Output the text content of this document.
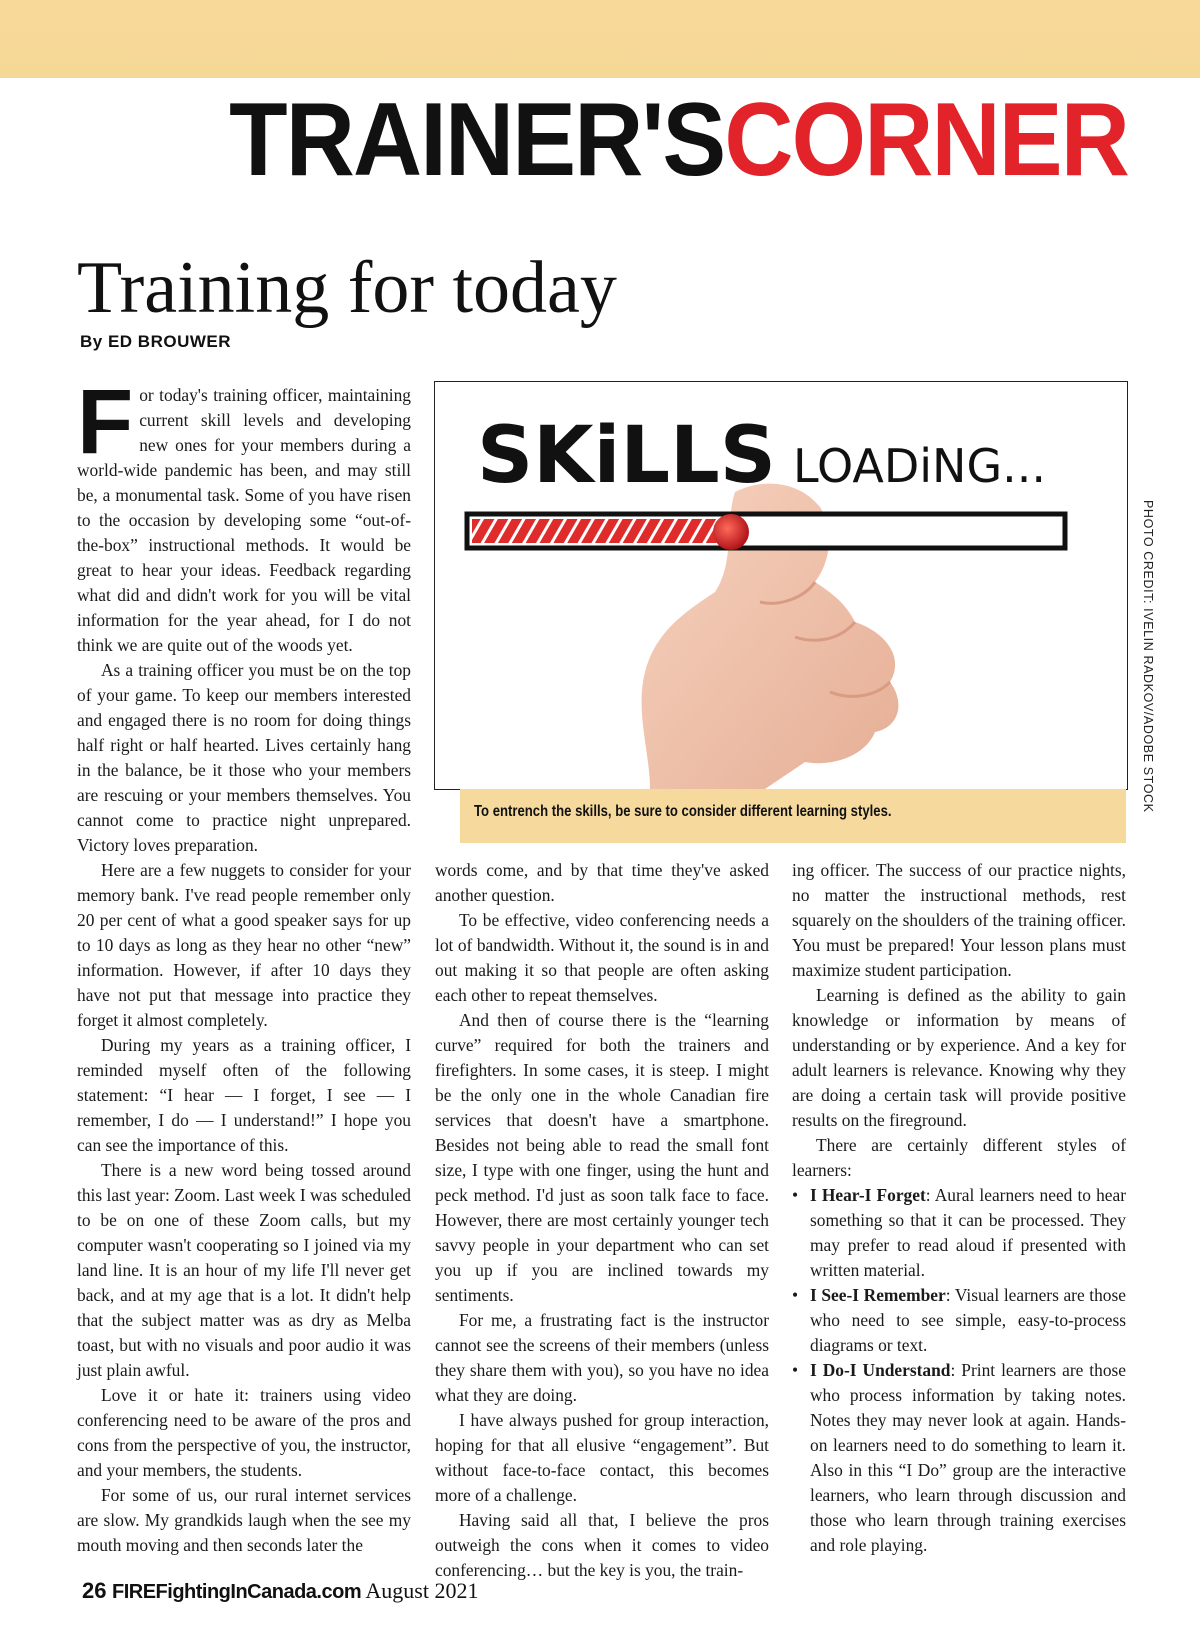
TRAINER'SCORNER
Training for today
By ED BROUWER

For today's training officer, maintaining current skill levels and developing new ones for your members during a world-wide pandemic has been, and may still be, a monumental task. Some of you have risen to the occasion by developing some “out-of-the-box” instructional methods. It would be great to hear your ideas. Feedback regarding what did and didn't work for you will be vital information for the year ahead, for I do not think we are quite out of the woods yet.

As a training officer you must be on the top of your game. To keep our members interested and engaged there is no room for doing things half right or half hearted. Lives certainly hang in the balance, be it those who your members are rescuing or your members themselves. You cannot come to practice night unprepared. Victory loves preparation.

Here are a few nuggets to consider for your memory bank. I've read people remember only 20 per cent of what a good speaker says for up to 10 days as long as they hear no other “new” information. However, if after 10 days they have not put that message into practice they forget it almost completely.

During my years as a training officer, I reminded myself often of the following statement: “I hear — I forget, I see — I remember, I do — I understand!” I hope you can see the importance of this.

There is a new word being tossed around this last year: Zoom. Last week I was scheduled to be on one of these Zoom calls, but my computer wasn't cooperating so I joined via my land line. It is an hour of my life I'll never get back, and at my age that is a lot. It didn't help that the subject matter was as dry as Melba toast, but with no visuals and poor audio it was just plain awful.

Love it or hate it: trainers using video conferencing need to be aware of the pros and cons from the perspective of you, the instructor, and your members, the students.

For some of us, our rural internet services are slow. My grandkids laugh when the see my mouth moving and then seconds later the

SKiLLS LOADiNG...
To entrench the skills, be sure to consider different learning styles.	PHOTO CREDIT: IVELIN RADKOV/ADOBE STOCK

words come, and by that time they've asked another question.

To be effective, video conferencing needs a lot of bandwidth. Without it, the sound is in and out making it so that people are often asking each other to repeat themselves.

And then of course there is the “learning curve” required for both the trainers and firefighters. In some cases, it is steep. I might be the only one in the whole Canadian fire services that doesn't have a smartphone. Besides not being able to read the small font size, I type with one finger, using the hunt and peck method. I'd just as soon talk face to face. However, there are most certainly younger tech savvy people in your department who can set you up if you are inclined towards my sentiments.

For me, a frustrating fact is the instructor cannot see the screens of their members (unless they share them with you), so you have no idea what they are doing.

I have always pushed for group interaction, hoping for that all elusive “engagement”. But without face-to-face contact, this becomes more of a challenge.

Having said all that, I believe the pros outweigh the cons when it comes to video conferencing… but the key is you, the train-

ing officer. The success of our practice nights, no matter the instructional methods, rest squarely on the shoulders of the training officer. You must be prepared! Your lesson plans must maximize student participation.

Learning is defined as the ability to gain knowledge or information by means of understanding or by experience. And a key for adult learners is relevance. Knowing why they are doing a certain task will provide positive results on the fireground.

There are certainly different styles of learners:

• I Hear-I Forget: Aural learners need to hear something so that it can be processed. They may prefer to read aloud if presented with written material.
• I See-I Remember: Visual learners are those who need to see simple, easy-to-process diagrams or text.
• I Do-I Understand: Print learners are those who process information by taking notes. Notes they may never look at again. Hands-on learners need to do something to learn it. Also in this “I Do” group are the interactive learners, who learn through discussion and those who learn through training exercises and role playing.
26 FIREFightingInCanada.com August 2021
